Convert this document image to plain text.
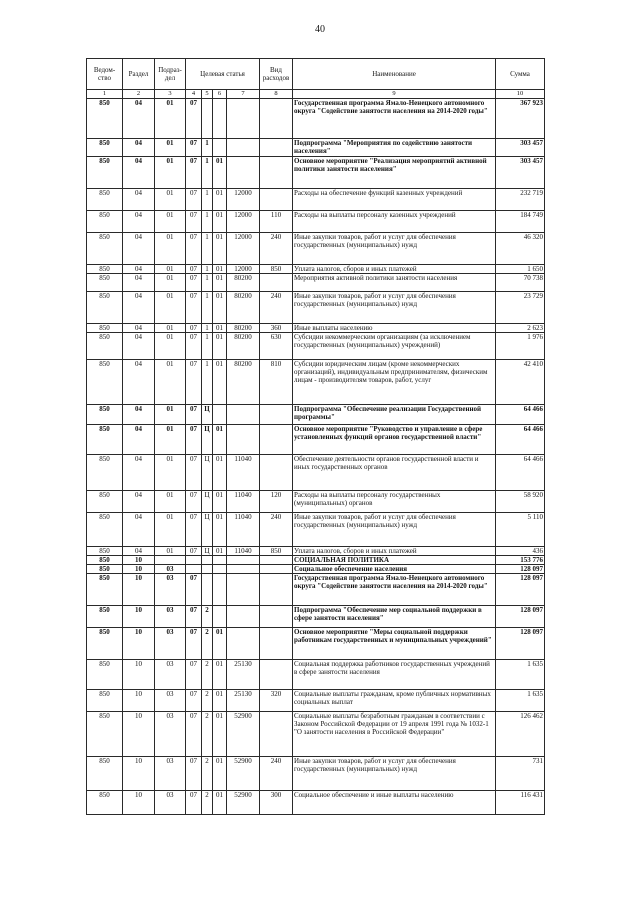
40
Ведом-ство	Раздел	Подраз-дел	Целевая статья				Вид расходов	Наименование	Сумма
1	2	3	4	5	6	7	8	9	10
850	04	01	07					Государственная программа Ямало-Ненецкого автономного округа "Содействие занятости населения на 2014-2020 годы"	367 923
850	04	01	07	1				Подпрограмма "Мероприятия по содействию занятости населения"	303 457
850	04	01	07	1	01			Основное мероприятие "Реализация мероприятий активной политики занятости населения"	303 457
850	04	01	07	1	01	12000		Расходы на обеспечение функций казенных учреждений	232 719
850	04	01	07	1	01	12000	110	Расходы на выплаты персоналу казенных учреждений	184 749
850	04	01	07	1	01	12000	240	Иные закупки товаров, работ и услуг для обеспечения государственных (муниципальных) нужд	46 320
850	04	01	07	1	01	12000	850	Уплата налогов, сборов и иных платежей	1 650
850	04	01	07	1	01	80200		Мероприятия активной политики занятости населения	70 738
850	04	01	07	1	01	80200	240	Иные закупки товаров, работ и услуг для обеспечения государственных (муниципальных) нужд	23 729
850	04	01	07	1	01	80200	360	Иные выплаты населению	2 623
850	04	01	07	1	01	80200	630	Субсидии некоммерческим организациям (за исключением государственных (муниципальных) учреждений)	1 976
850	04	01	07	1	01	80200	810	Субсидии юридическим лицам (кроме некоммерческих организаций), индивидуальным предпринимателям, физическим лицам - производителям товаров, работ, услуг	42 410
850	04	01	07	Ц				Подпрограмма "Обеспечение реализации Государственной программы"	64 466
850	04	01	07	Ц	01			Основное мероприятие "Руководство и управление в сфере установленных функций органов государственной власти"	64 466
850	04	01	07	Ц	01	11040		Обеспечение деятельности органов государственной власти и иных государственных органов	64 466
850	04	01	07	Ц	01	11040	120	Расходы на выплаты персоналу государственных (муниципальных) органов	58 920
850	04	01	07	Ц	01	11040	240	Иные закупки товаров, работ и услуг для обеспечения государственных (муниципальных) нужд	5 110
850	04	01	07	Ц	01	11040	850	Уплата налогов, сборов и иных платежей	436
850	10							СОЦИАЛЬНАЯ ПОЛИТИКА	153 776
850	10	03						Социальное обеспечение населения	128 097
850	10	03	07					Государственная программа Ямало-Ненецкого автономного округа "Содействие занятости населения на 2014-2020 годы"	128 097
850	10	03	07	2				Подпрограмма "Обеспечение мер социальной поддержки в сфере занятости населения"	128 097
850	10	03	07	2	01			Основное мероприятие "Меры социальной поддержки работникам государственных и муниципальных учреждений"	128 097
850	10	03	07	2	01	25130		Социальная поддержка работников государственных учреждений в сфере занятости населения	1 635
850	10	03	07	2	01	25130	320	Социальные выплаты гражданам, кроме публичных нормативных социальных выплат	1 635
850	10	03	07	2	01	52900		Социальные выплаты безработным гражданам в соответствии с Законом Российской Федерации от 19 апреля 1991 года № 1032-1 "О занятости населения в Российской Федерации"	126 462
850	10	03	07	2	01	52900	240	Иные закупки товаров, работ и услуг для обеспечения государственных (муниципальных) нужд	731
850	10	03	07	2	01	52900	300	Социальное обеспечение и иные выплаты населению	116 431
